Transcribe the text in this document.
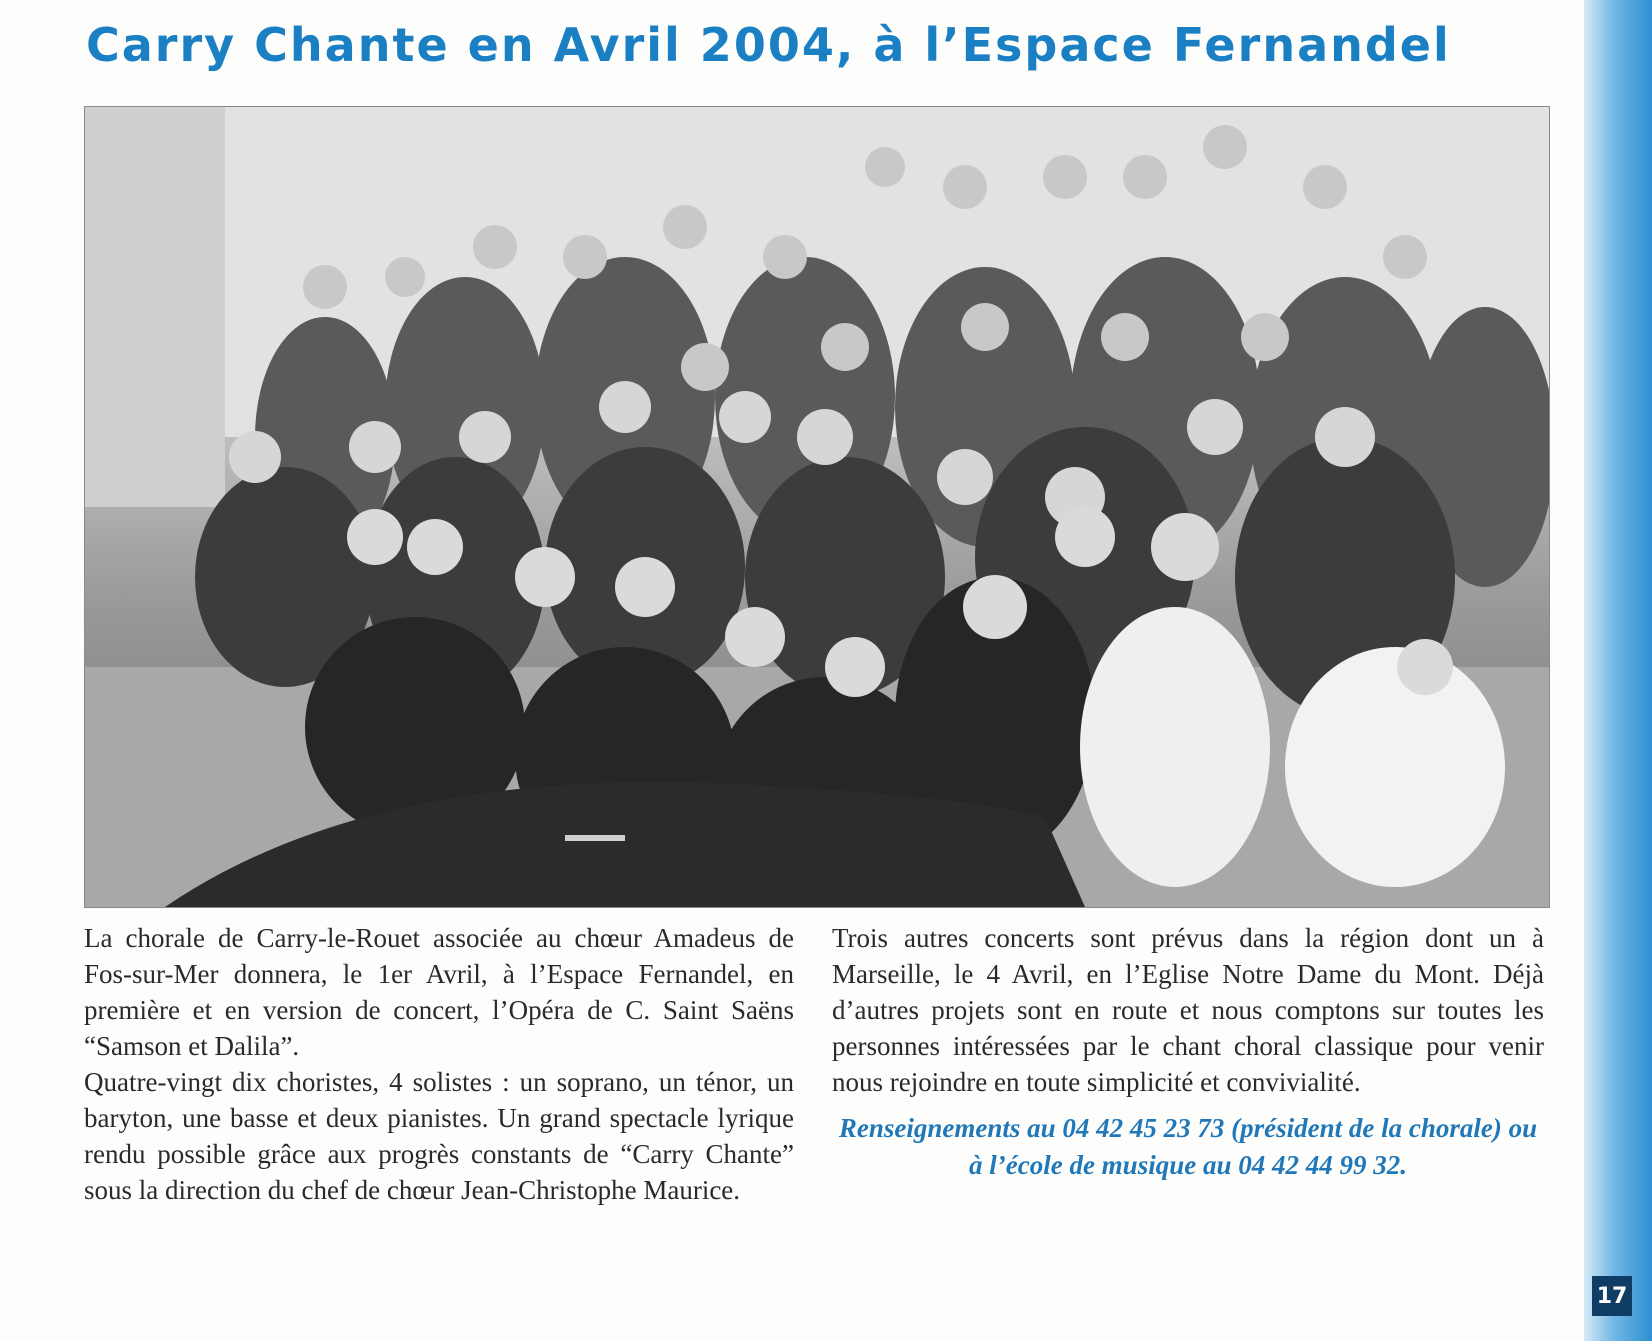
Carry Chante en Avril 2004, à l’Espace Fernandel

La chorale de Carry-le-Rouet associée au chœur Amadeus de Fos-sur-Mer donnera, le 1er Avril, à l’Espace Fernandel, en première et en version de concert, l’Opéra de C. Saint Saëns “Samson et Dalila”.

Quatre-vingt dix choristes, 4 solistes : un soprano, un ténor, un baryton, une basse et deux pianistes. Un grand spectacle lyrique rendu possible grâce aux progrès constants de “Carry Chante” sous la direction du chef de chœur Jean-Christophe Maurice.

Trois autres concerts sont prévus dans la région dont un à Marseille, le 4 Avril, en l’Eglise Notre Dame du Mont. Déjà d’autres projets sont en route et nous comptons sur toutes les personnes intéressées par le chant choral classique pour venir nous rejoindre en toute simplicité et convivialité.

Renseignements au 04 42 45 23 73 (président de la chorale) ou à l’école de musique au 04 42 44 99 32.

17
